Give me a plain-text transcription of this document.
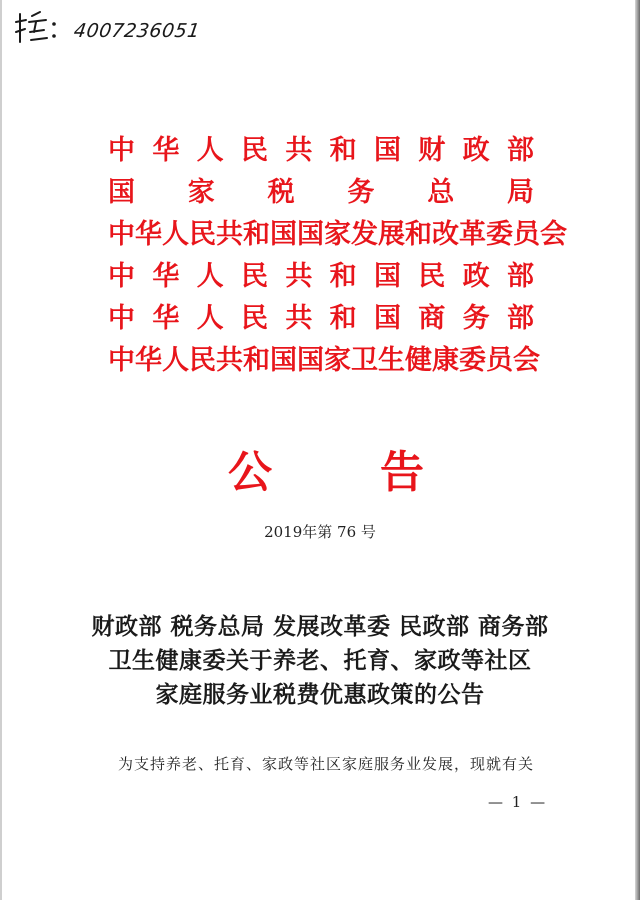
4007236051
中 华 人 民 共 和 国 财 政 部
国 家 税 务 总 局
中 华 人 民 共 和 国 国 家 发 展 和 改 革 委 员 会
中 华 人 民 共 和 国 民 政 部
中 华 人 民 共 和 国 商 务 部
中 华 人 民 共 和 国 国 家 卫 生 健 康 委 员 会
公 告
2019年第 76 号
财政部 税务总局 发展改革委 民政部 商务部
卫生健康委关于养老、托育、家政等社区
家庭服务业税费优惠政策的公告
为支持养老、托育、家政等社区家庭服务业发展，现就有关
— 1 —
